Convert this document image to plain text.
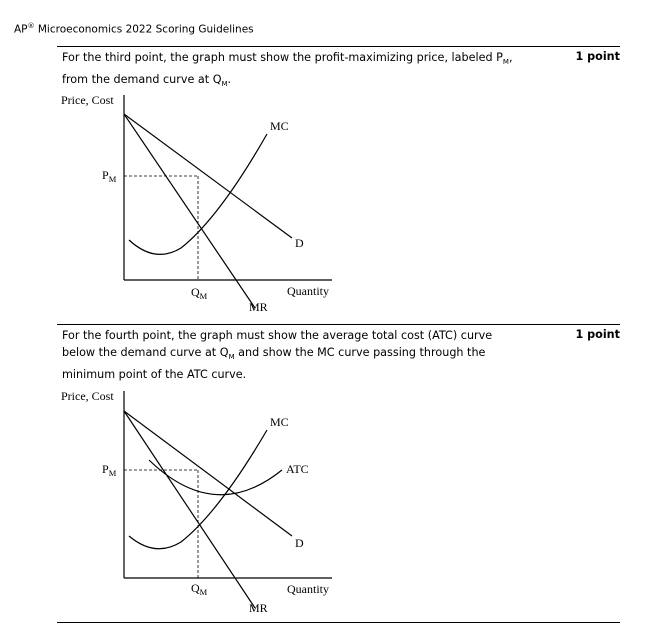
AP® Microeconomics 2022 Scoring Guidelines
For the third point, the graph must show the profit-maximizing price, labeled $P_M$,
from the demand curve at $Q_M$.
1 point
Price, Cost
$P_M$
$Q_M$
MC
D
MR
Quantity
For the fourth point, the graph must show the average total cost (ATC) curve
below the demand curve at $Q_M$ and show the MC curve passing through the
minimum point of the ATC curve.
1 point
Price, Cost
$P_M$
$Q_M$
MC
ATC
D
MR
Quantity
